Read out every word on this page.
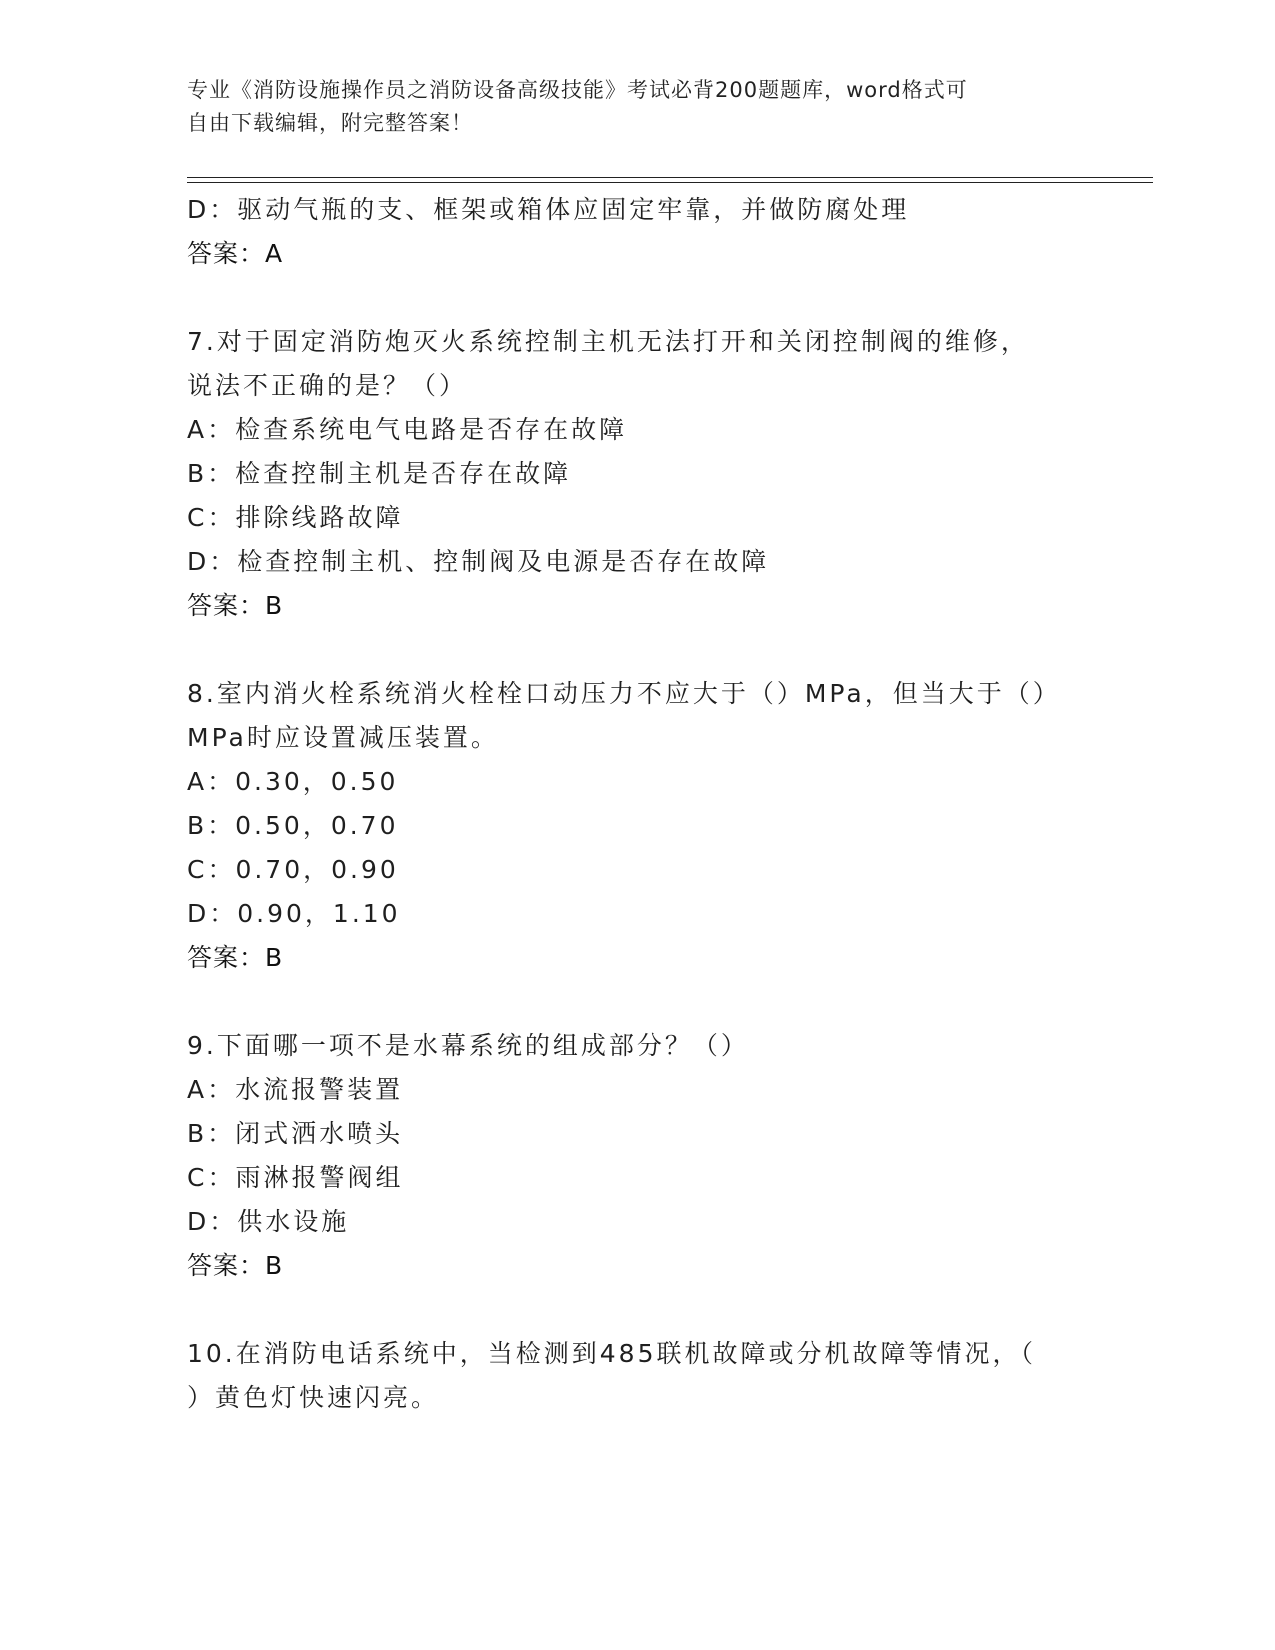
专业《消防设施操作员之消防设备高级技能》考试必背200题题库，word格式可
自由下载编辑，附完整答案！
D：驱动气瓶的支、框架或箱体应固定牢靠，并做防腐处理
答案：A
7.对于固定消防炮灭火系统控制主机无法打开和关闭控制阀的维修，
说法不正确的是？（）
A：检查系统电气电路是否存在故障
B：检查控制主机是否存在故障
C：排除线路故障
D：检查控制主机、控制阀及电源是否存在故障
答案：B
8.室内消火栓系统消火栓栓口动压力不应大于（）MPa，但当大于（）
MPa时应设置减压装置。
A：0.30，0.50
B：0.50，0.70
C：0.70，0.90
D：0.90，1.10
答案：B
9.下面哪一项不是水幕系统的组成部分？（）
A：水流报警装置
B：闭式洒水喷头
C：雨淋报警阀组
D：供水设施
答案：B
10.在消防电话系统中，当检测到485联机故障或分机故障等情况，（
）黄色灯快速闪亮。
